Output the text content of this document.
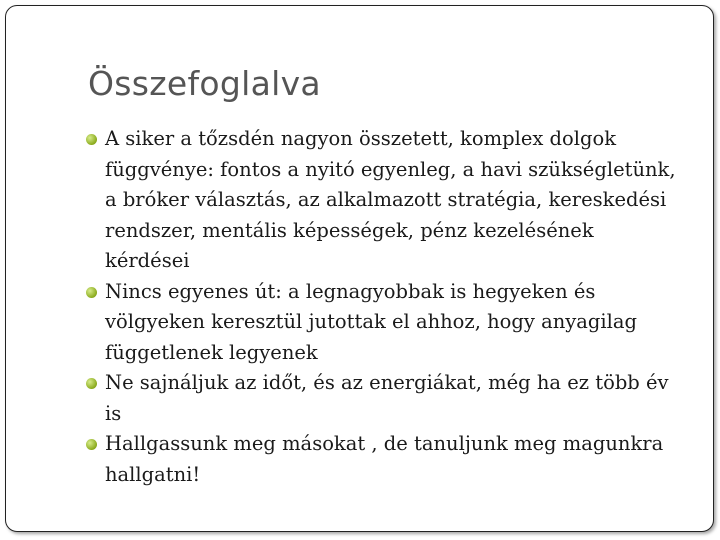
Összefoglalva
A siker a tőzsdén nagyon összetett, komplex dolgok függvénye: fontos a nyitó egyenleg, a havi szükségletünk, a bróker választás, az alkalmazott stratégia, kereskedési rendszer, mentális képességek, pénz kezelésének kérdései
Nincs egyenes út: a legnagyobbak is hegyeken és völgyeken keresztül jutottak el ahhoz, hogy anyagilag függetlenek legyenek
Ne sajnáljuk az időt, és az energiákat, még ha ez több év is
Hallgassunk meg másokat , de tanuljunk meg magunkra hallgatni!
